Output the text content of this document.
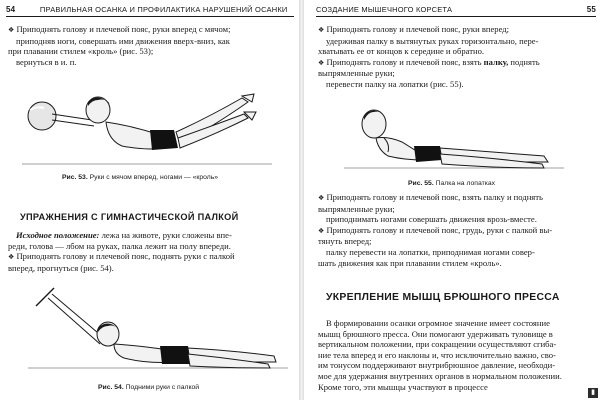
54	ПРАВИЛЬНАЯ ОСАНКА И ПРОФИЛАКТИКА НАРУШЕНИЙ ОСАНКИ

❖ Приподнять голову и плечевой пояс, руки вперед с мячом;

приподняв ноги, совершать ими движения вверх-вниз, как

при плавании стилем «кроль» (рис. 53);

вернуться в и. п.

Рис. 53. Руки с мячом вперед, ногами — «кроль»
УПРАЖНЕНИЯ С ГИМНАСТИЧЕСКОЙ ПАЛКОЙ

Исходное положение: лежа на животе, руки сложены впе-

реди, голова — лбом на руках, палка лежит на полу впереди.

❖ Приподнять голову и плечевой пояс, поднять руки с палкой

вперед, прогнуться (рис. 54).

Рис. 54. Подними руки с палкой
СОЗДАНИЕ МЫШЕЧНОГО КОРСЕТА	55

❖ Приподнять голову и плечевой пояс, руки вперед;

удерживая палку в вытянутых руках горизонтально, пере-

хватывать ее от концов к середине и обратно.

❖ Приподнять голову и плечевой пояс, взять палку, поднять

выпрямленные руки;

перевести палку на лопатки (рис. 55).

Рис. 55. Палка на лопатках

❖ Приподнять голову и плечевой пояс, взять палку и поднять

выпрямленные руки;

приподнимать ногами совершать движения врозь-вместе.

❖ Приподнять голову и плечевой пояс, грудь, руки с палкой вы-

тянуть вперед;

палку перевести на лопатки, приподнимая ногами совер-

шать движения как при плавании стилем «кроль».

УКРЕПЛЕНИЕ МЫШЦ БРЮШНОГО ПРЕССА

В формировании осанки огромное значение имеет состояние

мышц брюшного пресса. Они помогают удерживать туловище в

вертикальном положении, при сокращении осуществляют сгиба-

ние тела вперед и его наклоны и, что исключительно важно, сво-

им тонусом поддерживают внутрибрюшное давление, необходи-

мое для удержания внутренних органов в нормальном положении.

Кроме того, эти мышцы участвуют в процессе

▮
